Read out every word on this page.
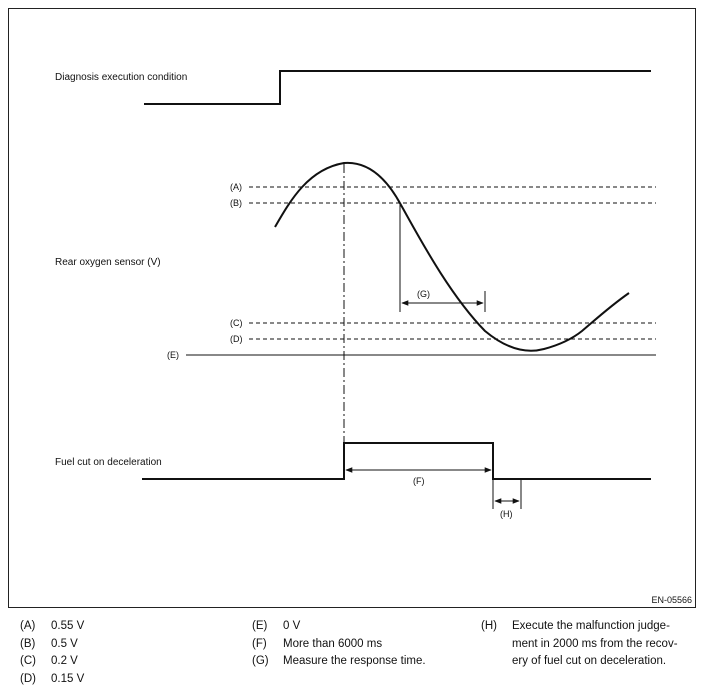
Diagnosis execution condition
(A)
(B)
(C)
(D)
(E)
Rear oxygen sensor (V)
(G)
Fuel cut on deceleration
(F)
(H)
EN-05566
(A)	0.55 V
(B)	0.5 V
(C)	0.2 V
(D)	0.15 V
(E)	0 V
(F)	More than 6000 ms
(G)	Measure the response time.
(H)	Execute the malfunction judge-ment in 2000 ms from the recov-ery of fuel cut on deceleration.
